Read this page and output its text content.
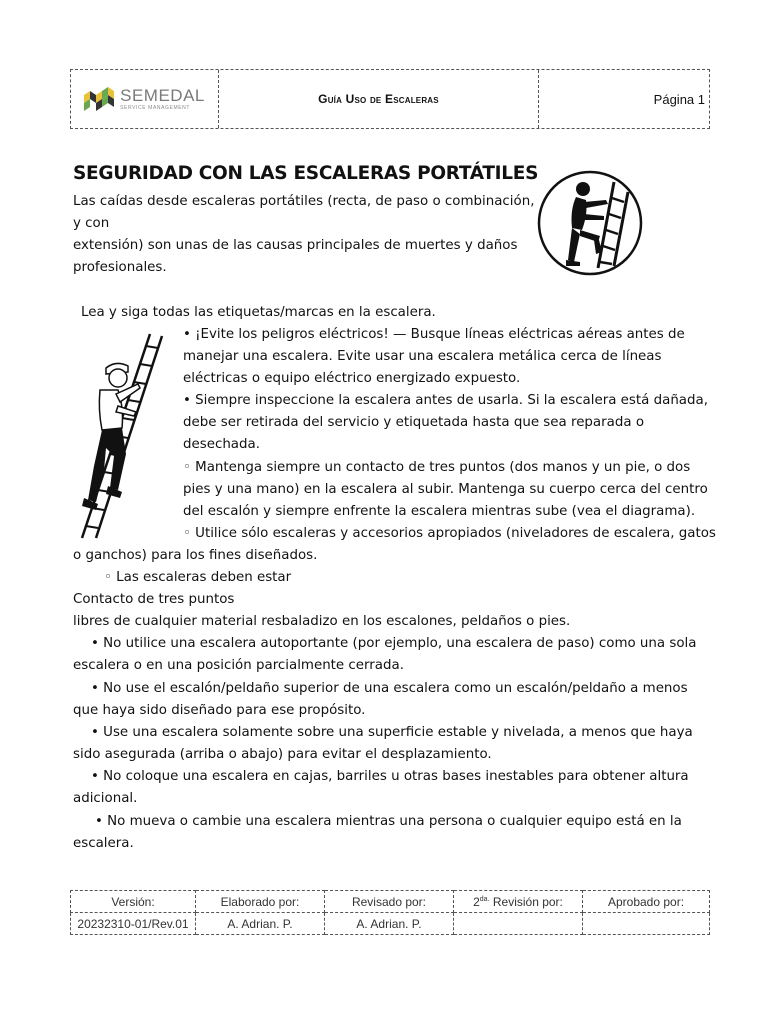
SEMEDAL
SERVICE MANAGEMENT
Guía Uso de Escaleras	Página 1
SEGURIDAD CON LAS ESCALERAS PORTÁTILES
Las caídas desde escaleras portátiles (recta, de paso o combinación,
y con
extensión) son unas de las causas principales de muertes y daños
profesionales.
Lea y siga todas las etiquetas/marcas en la escalera.
• ¡Evite los peligros eléctricos! — Busque líneas eléctricas aéreas antes de
manejar una escalera. Evite usar una escalera metálica cerca de líneas
eléctricas o equipo eléctrico energizado expuesto.
• Siempre inspeccione la escalera antes de usarla. Si la escalera está dañada,
debe ser retirada del servicio y etiquetada hasta que sea reparada o
desechada.
◦ Mantenga siempre un contacto de tres puntos (dos manos y un pie, o dos
pies y una mano) en la escalera al subir. Mantenga su cuerpo cerca del centro
del escalón y siempre enfrente la escalera mientras sube (vea el diagrama).
◦ Utilice sólo escaleras y accesorios apropiados (niveladores de escalera, gatos
o ganchos) para los fines diseñados.
◦ Las escaleras deben estar
Contacto de tres puntos
libres de cualquier material resbaladizo en los escalones, peldaños o pies.
• No utilice una escalera autoportante (por ejemplo, una escalera de paso) como una sola
escalera o en una posición parcialmente cerrada.
• No use el escalón/peldaño superior de una escalera como un escalón/peldaño a menos
que haya sido diseñado para ese propósito.
• Use una escalera solamente sobre una superficie estable y nivelada, a menos que haya
sido asegurada (arriba o abajo) para evitar el desplazamiento.
• No coloque una escalera en cajas, barriles u otras bases inestables para obtener altura
adicional.
• No mueva o cambie una escalera mientras una persona o cualquier equipo está en la
escalera.
Versión:	Elaborado por:	Revisado por:	$2^{da.}$ Revisión por:	Aprobado por:
20232310-01/Rev.01	A. Adrian. P.	A. Adrian. P.		
